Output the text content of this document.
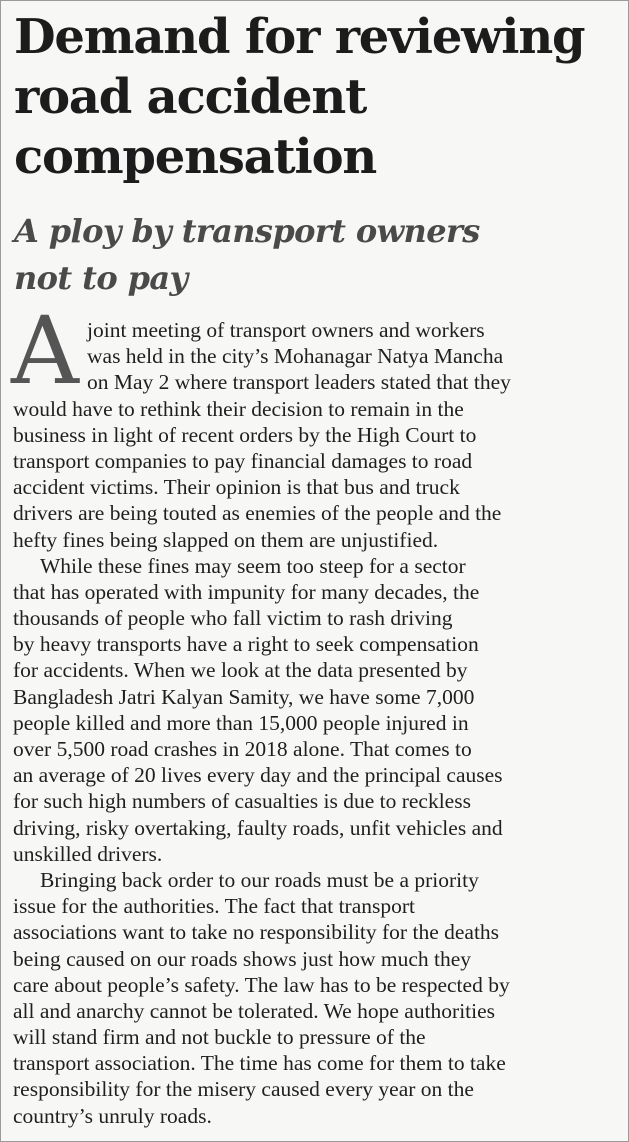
Demand for reviewing
road accident
compensation
A ploy by transport owners
not to pay
A joint meeting of transport owners and workers
was held in the city’s Mohanagar Natya Mancha
on May 2 where transport leaders stated that they
would have to rethink their decision to remain in the
business in light of recent orders by the High Court to
transport companies to pay financial damages to road
accident victims. Their opinion is that bus and truck
drivers are being touted as enemies of the people and the
hefty fines being slapped on them are unjustified.
While these fines may seem too steep for a sector
that has operated with impunity for many decades, the
thousands of people who fall victim to rash driving
by heavy transports have a right to seek compensation
for accidents. When we look at the data presented by
Bangladesh Jatri Kalyan Samity, we have some 7,000
people killed and more than 15,000 people injured in
over 5,500 road crashes in 2018 alone. That comes to
an average of 20 lives every day and the principal causes
for such high numbers of casualties is due to reckless
driving, risky overtaking, faulty roads, unfit vehicles and
unskilled drivers.
Bringing back order to our roads must be a priority
issue for the authorities. The fact that transport
associations want to take no responsibility for the deaths
being caused on our roads shows just how much they
care about people’s safety. The law has to be respected by
all and anarchy cannot be tolerated. We hope authorities
will stand firm and not buckle to pressure of the
transport association. The time has come for them to take
responsibility for the misery caused every year on the
country’s unruly roads.
